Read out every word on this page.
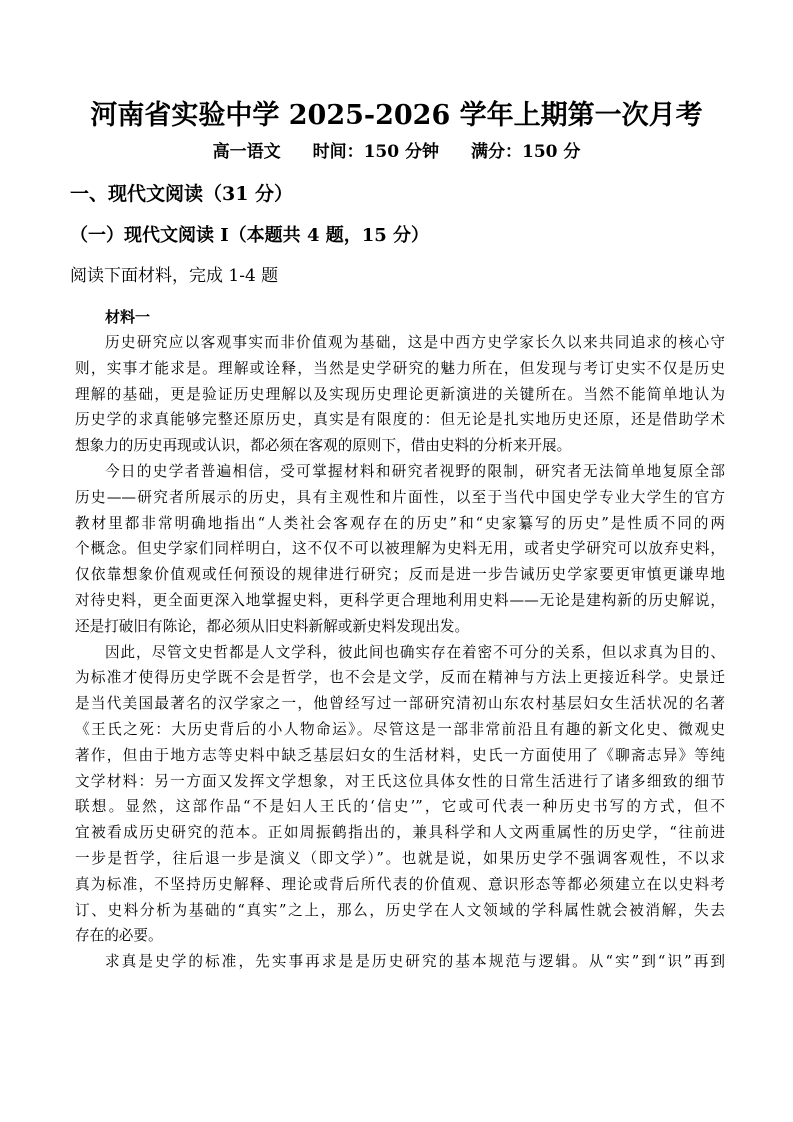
河南省实验中学 2025-2026 学年上期第一次月考
高一语文 时间：150 分钟 满分：150 分
一、现代文阅读（31 分）
（一）现代文阅读 I（本题共 4 题，15 分）
阅读下面材料，完成 1-4 题
材料一
历史研究应以客观事实而非价值观为基础，这是中西方史学家长久以来共同追求的核心守
则，实事才能求是。理解或诠释，当然是史学研究的魅力所在，但发现与考订史实不仅是历史
理解的基础，更是验证历史理解以及实现历史理论更新演进的关键所在。当然不能简单地认为
历史学的求真能够完整还原历史，真实是有限度的：但无论是扎实地历史还原，还是借助学术
想象力的历史再现或认识，都必须在客观的原则下，借由史料的分析来开展。
今日的史学者普遍相信，受可掌握材料和研究者视野的限制，研究者无法简单地复原全部
历史——研究者所展示的历史，具有主观性和片面性，以至于当代中国史学专业大学生的官方
教材里都非常明确地指出“人类社会客观存在的历史”和“史家纂写的历史”是性质不同的两
个概念。但史学家们同样明白，这不仅不可以被理解为史料无用，或者史学研究可以放弃史料，
仅依靠想象价值观或任何预设的规律进行研究；反而是进一步告诫历史学家要更审慎更谦卑地
对待史料，更全面更深入地掌握史料，更科学更合理地利用史料——无论是建构新的历史解说，
还是打破旧有陈论，都必须从旧史料新解或新史料发现出发。
因此，尽管文史哲都是人文学科，彼此间也确实存在着密不可分的关系，但以求真为目的、
为标准才使得历史学既不会是哲学，也不会是文学，反而在精神与方法上更接近科学。史景迁
是当代美国最著名的汉学家之一，他曾经写过一部研究清初山东农村基层妇女生活状况的名著
《王氏之死：大历史背后的小人物命运》。尽管这是一部非常前沿且有趣的新文化史、微观史
著作，但由于地方志等史料中缺乏基层妇女的生活材料，史氏一方面使用了《聊斋志异》等纯
文学材料：另一方面又发挥文学想象，对王氏这位具体女性的日常生活进行了诸多细致的细节
联想。显然，这部作品“不是妇人王氏的‘信史’”，它或可代表一种历史书写的方式，但不
宜被看成历史研究的范本。正如周振鹤指出的，兼具科学和人文两重属性的历史学，“往前进
一步是哲学，往后退一步是演义（即文学）”。也就是说，如果历史学不强调客观性，不以求
真为标准，不坚持历史解释、理论或背后所代表的价值观、意识形态等都必须建立在以史料考
订、史料分析为基础的“真实”之上，那么，历史学在人文领域的学科属性就会被消解，失去
存在的必要。
求真是史学的标准，先实事再求是是历史研究的基本规范与逻辑。从“实”到“识”再到
